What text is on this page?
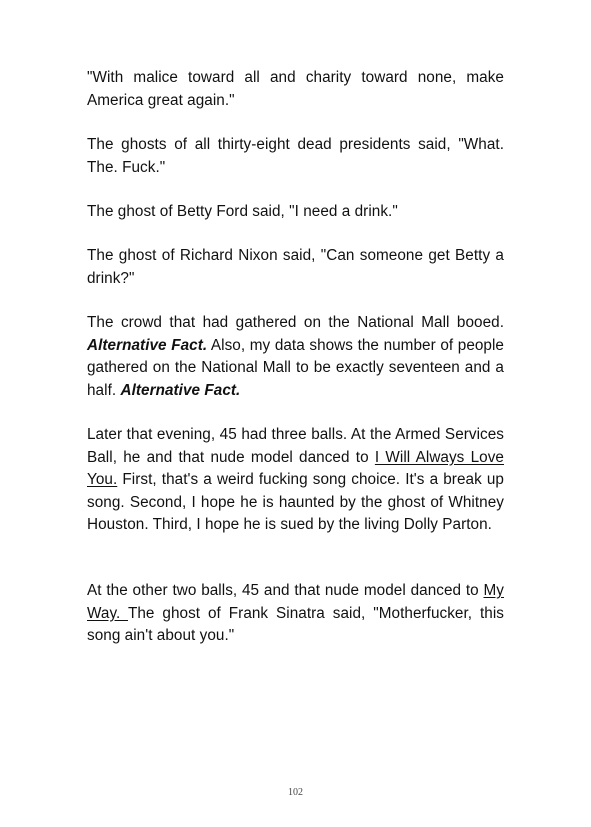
"With malice toward all and charity toward none, make America great again."

The ghosts of all thirty-eight dead presidents said, "What. The. Fuck."

The ghost of Betty Ford said, "I need a drink."

The ghost of Richard Nixon said, "Can someone get Betty a drink?"

The crowd that had gathered on the National Mall booed. Alternative Fact. Also, my data shows the number of people gathered on the National Mall to be exactly seventeen and a half. Alternative Fact.

Later that evening, 45 had three balls. At the Armed Services Ball, he and that nude model danced to I Will Always Love You. First, that's a weird fucking song choice. It's a break up song. Second, I hope he is haunted by the ghost of Whitney Houston. Third, I hope he is sued by the living Dolly Parton.

At the other two balls, 45 and that nude model danced to My Way. The ghost of Frank Sinatra said, "Motherfucker, this song ain't about you."

102
